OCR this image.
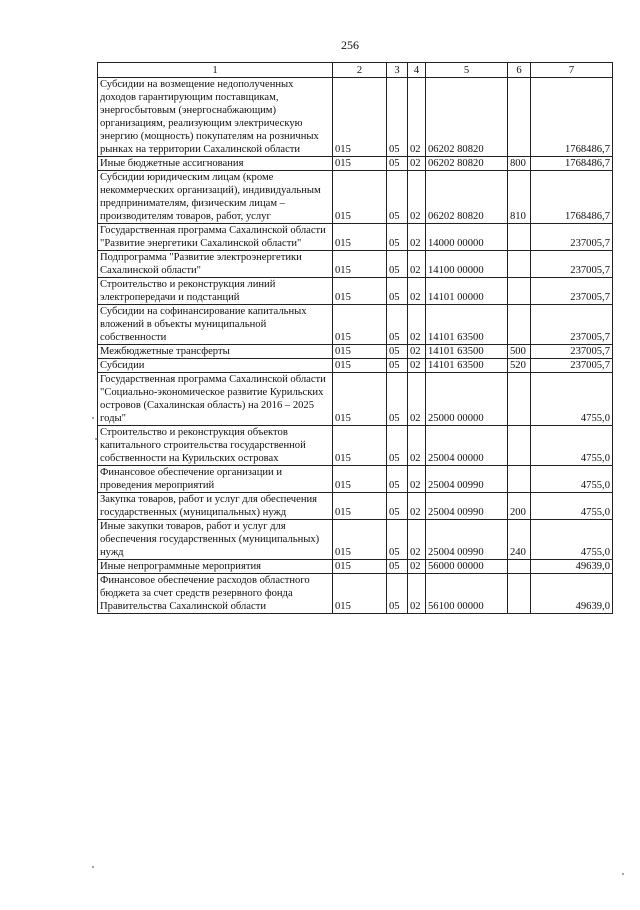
256
1	2	3	4	5	6	7
Субсидии на возмещение недополученных доходов гарантирующим поставщикам, энергосбытовым (энергоснабжающим) организациям, реализующим электрическую энергию (мощность) покупателям на розничных рынках на территории Сахалинской области	015	05	02	06202 80820		1768486,7
Иные бюджетные ассигнования	015	05	02	06202 80820	800	1768486,7
Субсидии юридическим лицам (кроме некоммерческих организаций), индивидуальным предпринимателям, физическим лицам – производителям товаров, работ, услуг	015	05	02	06202 80820	810	1768486,7
Государственная программа Сахалинской области "Развитие энергетики Сахалинской области"	015	05	02	14000 00000		237005,7
Подпрограмма "Развитие электроэнергетики Сахалинской области"	015	05	02	14100 00000		237005,7
Строительство и реконструкция линий электропередачи и подстанций	015	05	02	14101 00000		237005,7
Субсидии на софинансирование капитальных вложений в объекты муниципальной собственности	015	05	02	14101 63500		237005,7
Межбюджетные трансферты	015	05	02	14101 63500	500	237005,7
Субсидии	015	05	02	14101 63500	520	237005,7
Государственная программа Сахалинской области "Социально-экономическое развитие Курильских островов (Сахалинская область) на 2016 – 2025 годы"	015	05	02	25000 00000		4755,0
Строительство и реконструкция объектов капитального строительства государственной собственности на Курильских островах	015	05	02	25004 00000		4755,0
Финансовое обеспечение организации и проведения мероприятий	015	05	02	25004 00990		4755,0
Закупка товаров, работ и услуг для обеспечения государственных (муниципальных) нужд	015	05	02	25004 00990	200	4755,0
Иные закупки товаров, работ и услуг для обеспечения государственных (муниципальных) нужд	015	05	02	25004 00990	240	4755,0
Иные непрограммные мероприятия	015	05	02	56000 00000		49639,0
Финансовое обеспечение расходов областного бюджета за счет средств резервного фонда Правительства Сахалинской области	015	05	02	56100 00000		49639,0
